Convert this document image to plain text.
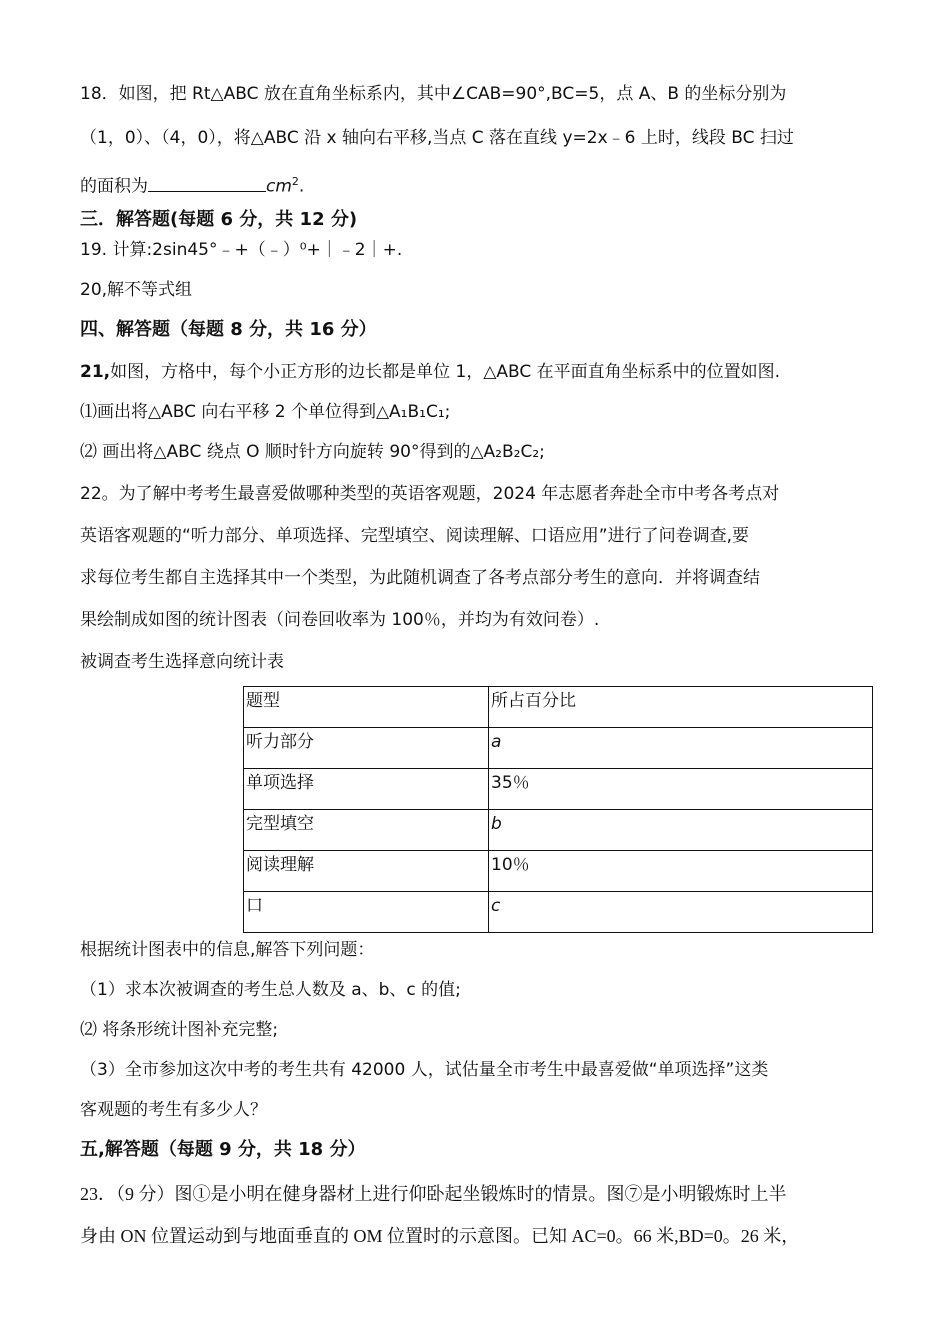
18．如图，把 Rt△ABC 放在直角坐标系内，其中∠CAB=90°,BC=5，点 A、B 的坐标分别为
（1，0）、（4，0），将△ABC 沿 x 轴向右平移,当点 C 落在直线 y=2x﹣6 上时，线段 BC 扫过
的面积为	$cm^2$.
三．解答题(每题 6 分，共 12 分)
19. 计算:2sin45°﹣+（﹣）⁰+｜﹣2｜+.
20,解不等式组
四、解答题（每题 8 分，共 16 分）
21,如图，方格中，每个小正方形的边长都是单位 1，△ABC 在平面直角坐标系中的位置如图.
⑴画出将△ABC 向右平移 2 个单位得到△A₁B₁C₁;
⑵ 画出将△ABC 绕点 O 顺时针方向旋转 90°得到的△A₂B₂C₂;
22。为了解中考考生最喜爱做哪种类型的英语客观题，2024 年志愿者奔赴全市中考各考点对
英语客观题的“听力部分、单项选择、完型填空、阅读理解、口语应用”进行了问卷调查,要
求每位考生都自主选择其中一个类型，为此随机调查了各考点部分考生的意向．并将调查结
果绘制成如图的统计图表（问卷回收率为 100％，并均为有效问卷）.
被调查考生选择意向统计表
题型	所占百分比
听力部分	a
单项选择	35％
完型填空	b
阅读理解	10％
口	c
根据统计图表中的信息,解答下列问题：
（1）求本次被调查的考生总人数及 a、b、c 的值;
⑵ 将条形统计图补充完整;
（3）全市参加这次中考的考生共有 42000 人，试估量全市考生中最喜爱做“单项选择”这类
客观题的考生有多少人？
五,解答题（每题 9 分，共 18 分）
23．（9 分）图①是小明在健身器材上进行仰卧起坐锻炼时的情景。图⑦是小明锻炼时上半
身由 ON 位置运动到与地面垂直的 OM 位置时的示意图。已知 AC=0。66 米,BD=0。26 米，
